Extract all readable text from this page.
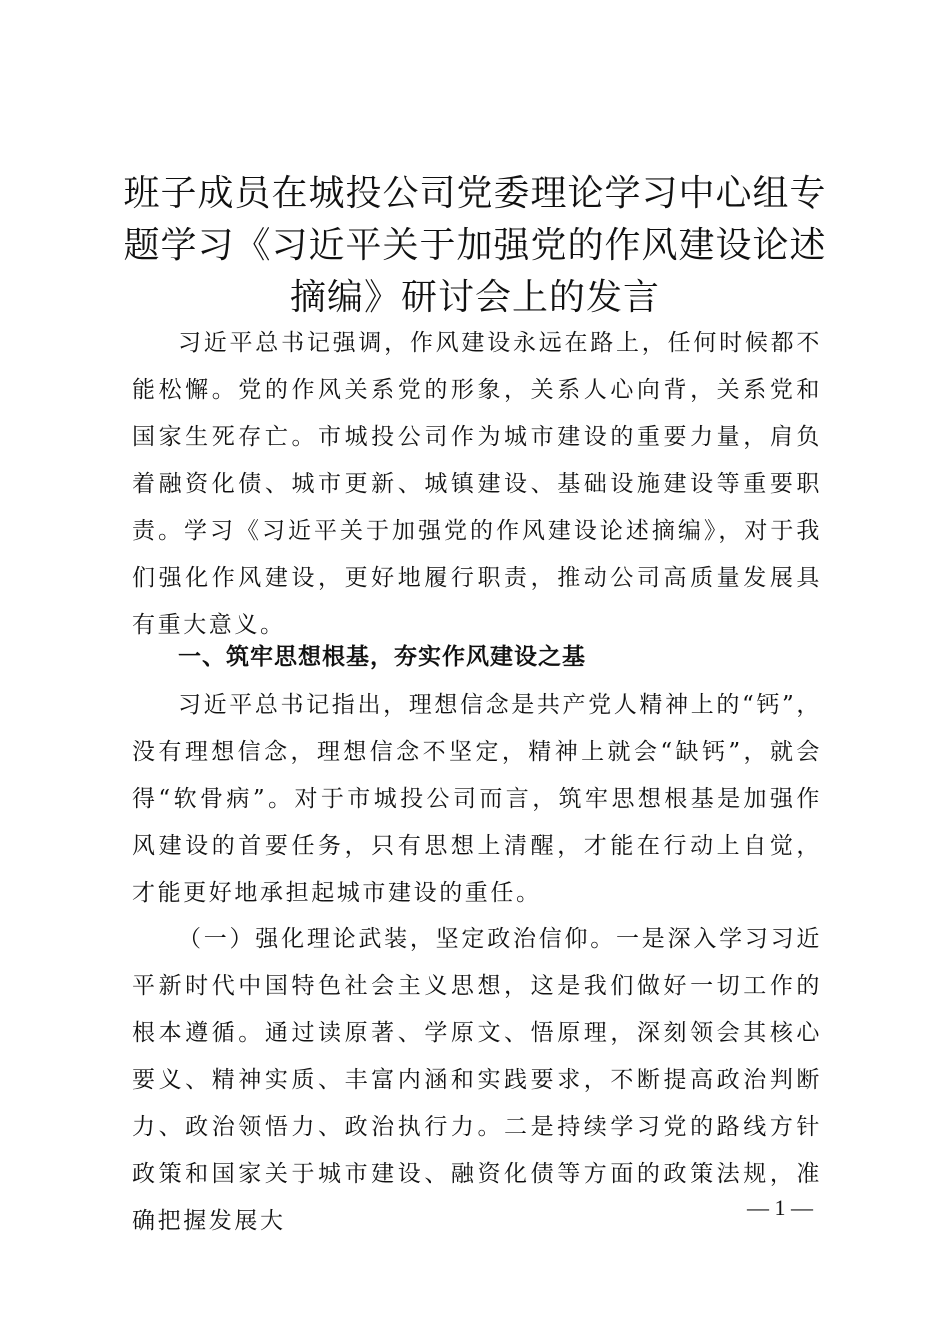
班子成员在城投公司党委理论学习中心组专题学习《习近平关于加强党的作风建设论述摘编》研讨会上的发言

习近平总书记强调，作风建设永远在路上，任何时候都不能松懈。党的作风关系党的形象，关系人心向背，关系党和国家生死存亡。市城投公司作为城市建设的重要力量，肩负着融资化债、城市更新、城镇建设、基础设施建设等重要职责。学习《习近平关于加强党的作风建设论述摘编》，对于我们强化作风建设，更好地履行职责，推动公司高质量发展具有重大意义。

一、筑牢思想根基，夯实作风建设之基

习近平总书记指出，理想信念是共产党人精神上的“钙”，没有理想信念，理想信念不坚定，精神上就会“缺钙”，就会得“软骨病”。对于市城投公司而言，筑牢思想根基是加强作风建设的首要任务，只有思想上清醒，才能在行动上自觉，才能更好地承担起城市建设的重任。

（一）强化理论武装，坚定政治信仰。一是深入学习习近平新时代中国特色社会主义思想，这是我们做好一切工作的根本遵循。通过读原著、学原文、悟原理，深刻领会其核心要义、精神实质、丰富内涵和实践要求，不断提高政治判断力、政治领悟力、政治执行力。二是持续学习党的路线方针政策和国家关于城市建设、融资化债等方面的政策法规，准确把握发展大

— 1 —
